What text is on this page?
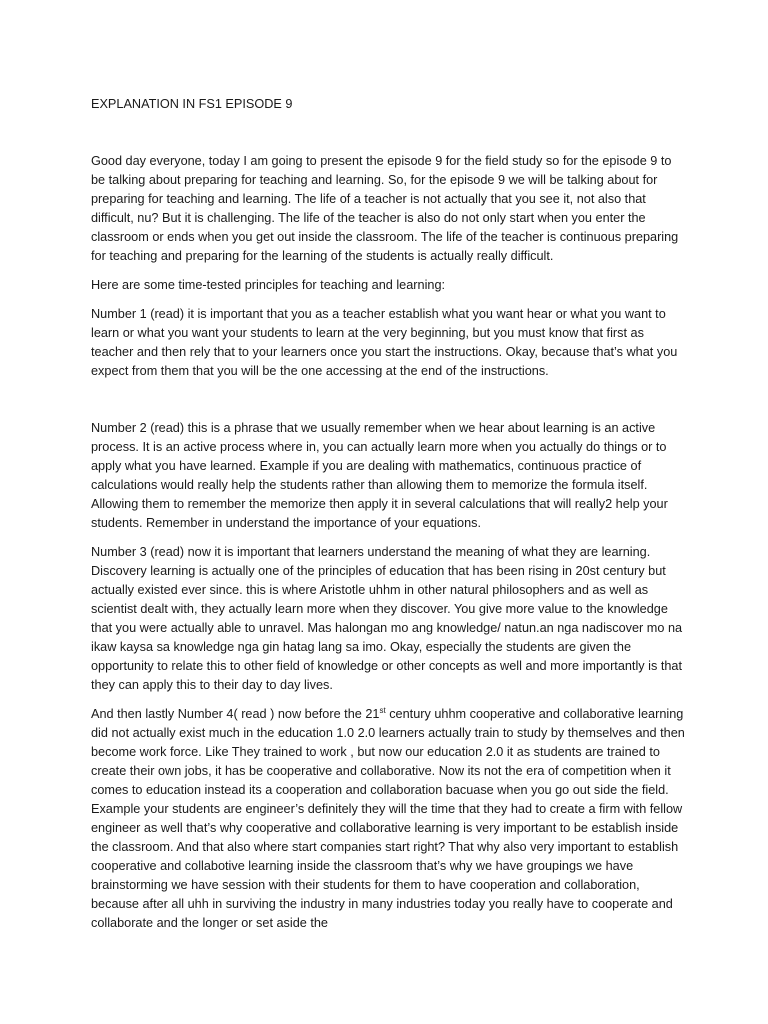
EXPLANATION IN FS1 EPISODE 9

Good day everyone, today I am going to present the episode 9 for the field study so for the episode 9 to be talking about preparing for teaching and learning. So, for the episode 9 we will be talking about for preparing for teaching and learning. The life of a teacher is not actually that you see it, not also that difficult, nu? But it is challenging. The life of the teacher is also do not only start when you enter the classroom or ends when you get out inside the classroom. The life of the teacher is continuous preparing for teaching and preparing for the learning of the students is actually really difficult.

Here are some time-tested principles for teaching and learning:

Number 1 (read) it is important that you as a teacher establish what you want hear or what you want to learn or what you want your students to learn at the very beginning, but you must know that first as teacher and then rely that to your learners once you start the instructions. Okay, because that’s what you expect from them that you will be the one accessing at the end of the instructions.

Number 2 (read) this is a phrase that we usually remember when we hear about learning is an active process. It is an active process where in, you can actually learn more when you actually do things or to apply what you have learned. Example if you are dealing with mathematics, continuous practice of calculations would really help the students rather than allowing them to memorize the formula itself. Allowing them to remember the memorize then apply it in several calculations that will really2 help your students. Remember in understand the importance of your equations.

Number 3 (read) now it is important that learners understand the meaning of what they are learning. Discovery learning is actually one of the principles of education that has been rising in 20st century but actually existed ever since. this is where Aristotle uhhm in other natural philosophers and as well as scientist dealt with, they actually learn more when they discover. You give more value to the knowledge that you were actually able to unravel. Mas halongan mo ang knowledge/ natun.an nga nadiscover mo na ikaw kaysa sa knowledge nga gin hatag lang sa imo. Okay, especially the students are given the opportunity to relate this to other field of knowledge or other concepts as well and more importantly is that they can apply this to their day to day lives.

And then lastly Number 4( read ) now before the 21st century uhhm cooperative and collaborative learning did not actually exist much in the education 1.0 2.0 learners actually train to study by themselves and then become work force. Like They trained to work , but now our education 2.0 it as students are trained to create their own jobs, it has be cooperative and collaborative. Now its not the era of competition when it comes to education instead its a cooperation and collaboration bacuase when you go out side the field. Example your students are engineer’s definitely they will the time that they had to create a firm with fellow engineer as well that’s why cooperative and collaborative learning is very important to be establish inside the classroom. And that also where start companies start right? That why also very important to establish cooperative and collabotive learning inside the classroom that’s why we have groupings we have brainstorming we have session with their students for them to have cooperation and collaboration, because after all uhh in surviving the industry in many industries today you really have to cooperate and collaborate and the longer or set aside the
